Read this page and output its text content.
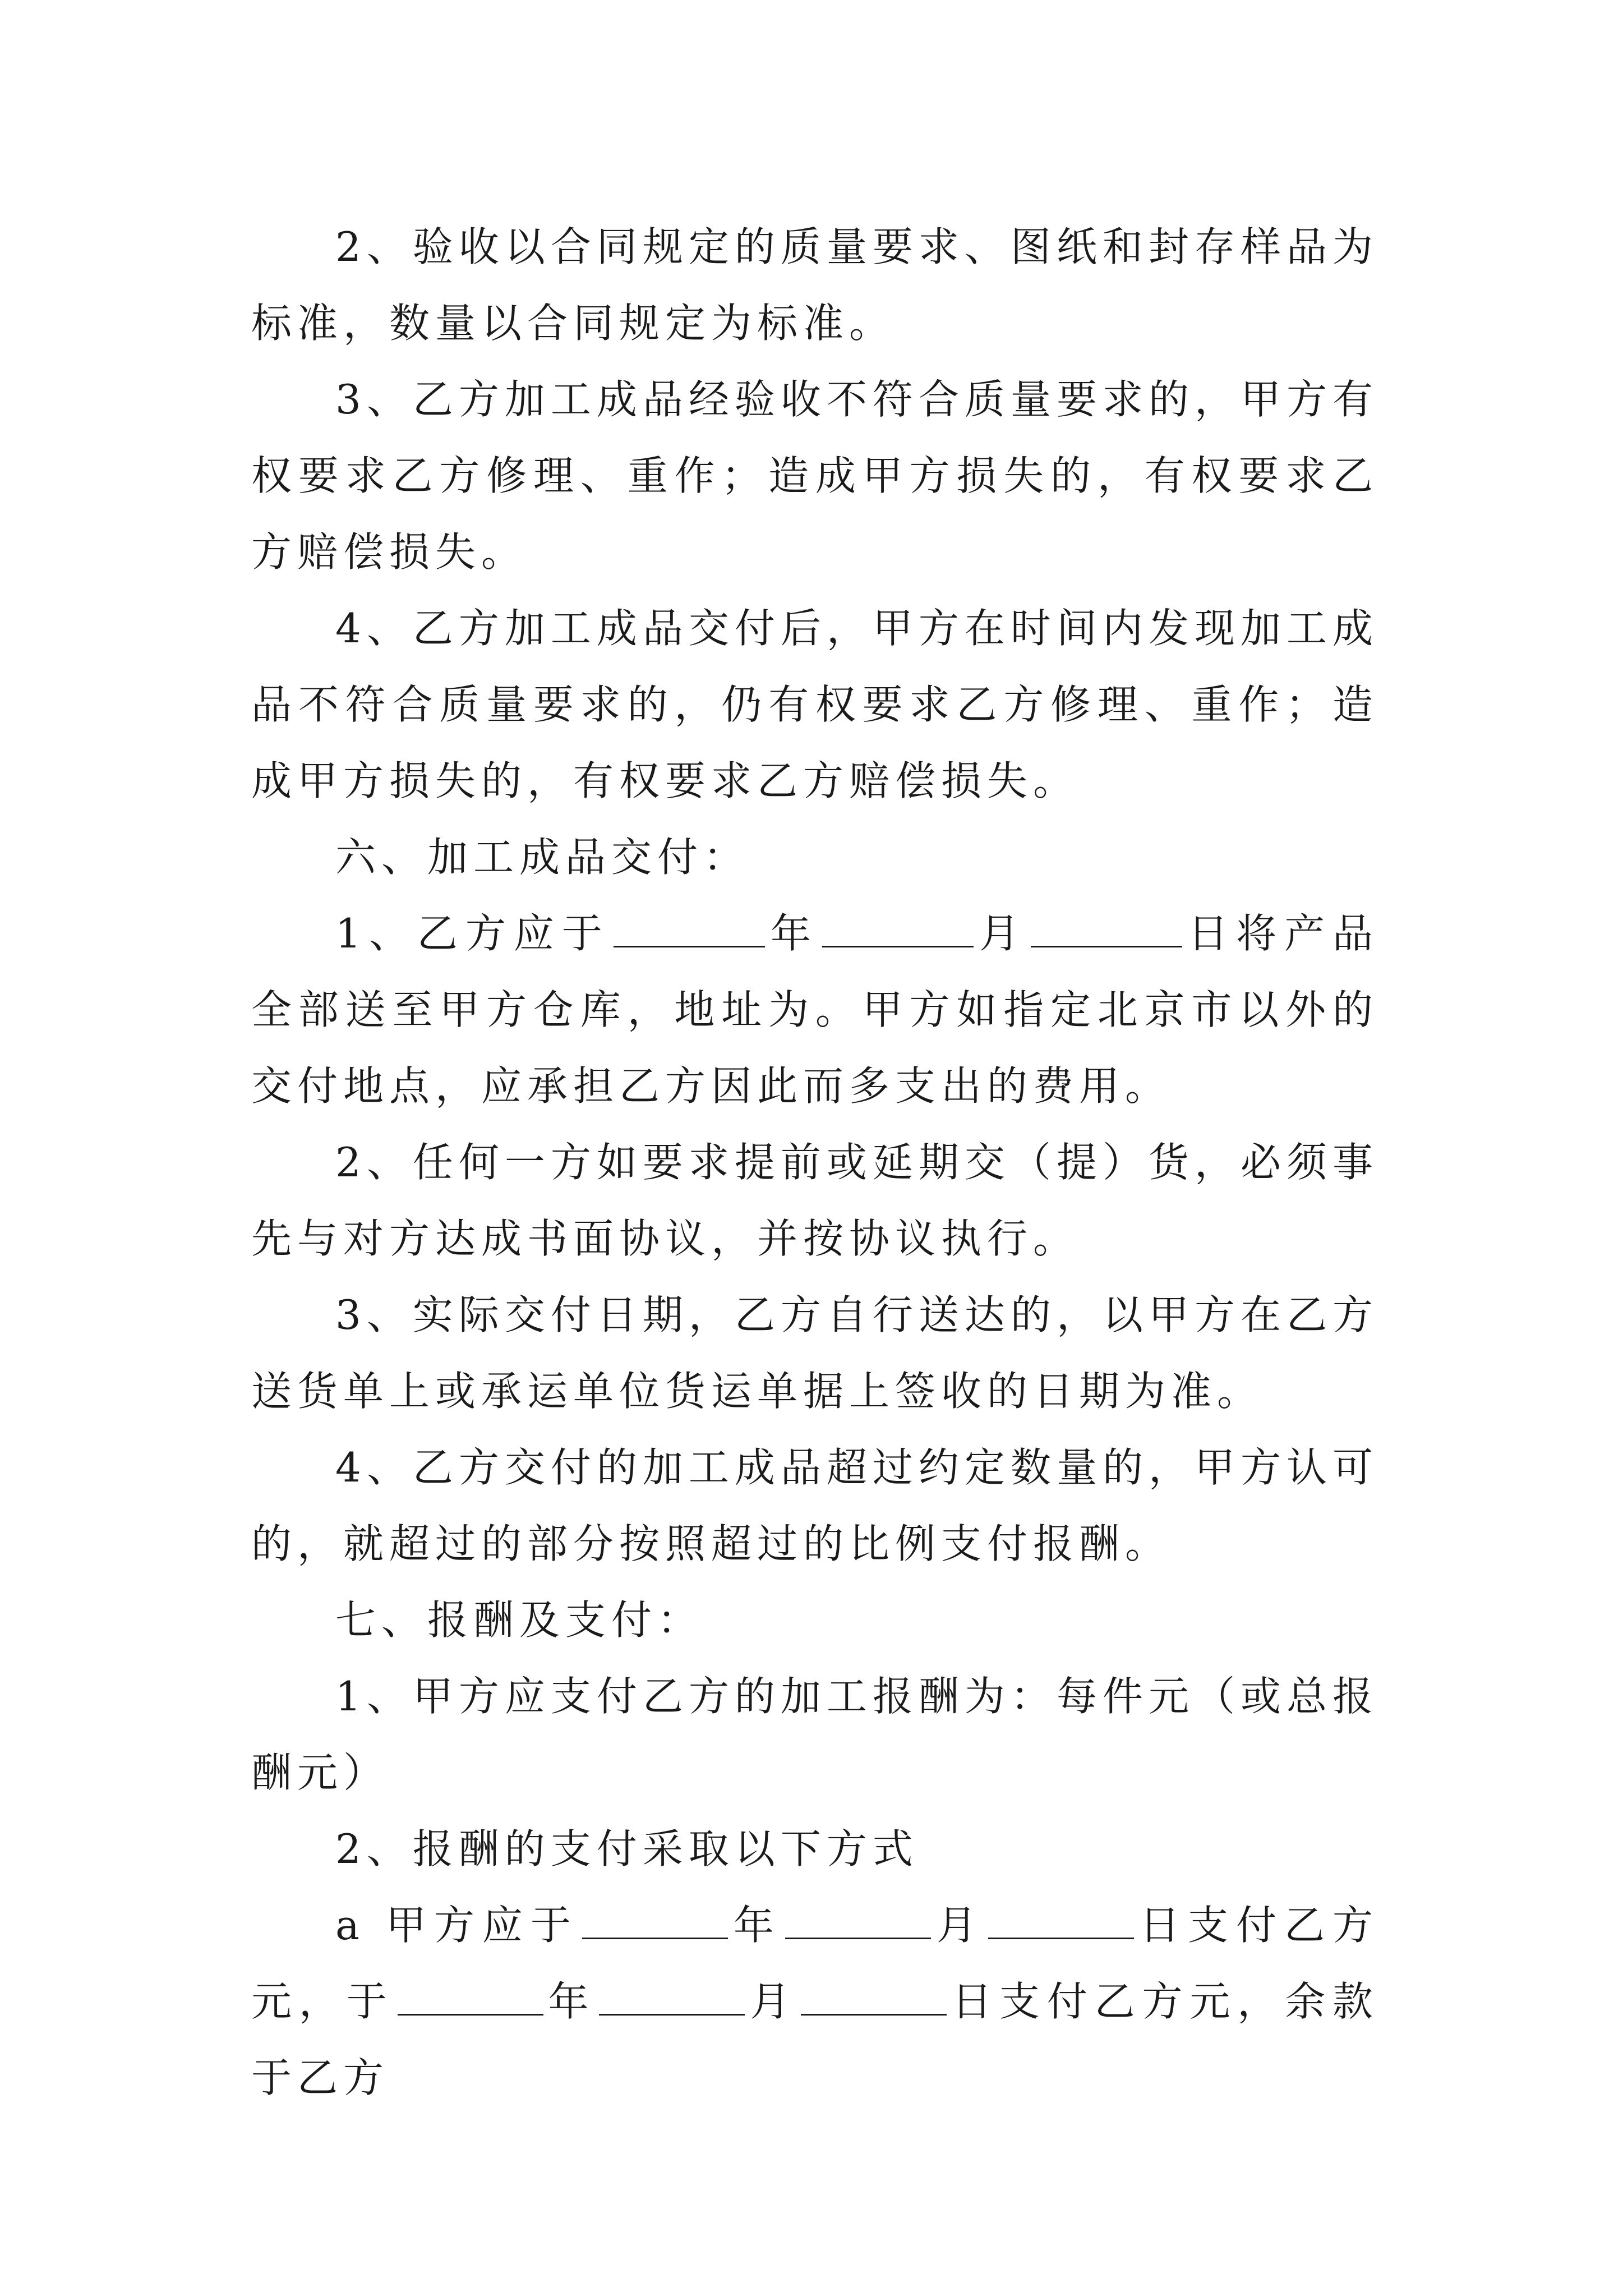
2、验收以合同规定的质量要求、图纸和封存样品为标准，数量以合同规定为标准。

3、乙方加工成品经验收不符合质量要求的，甲方有权要求乙方修理、重作；造成甲方损失的，有权要求乙方赔偿损失。

4、乙方加工成品交付后，甲方在时间内发现加工成品不符合质量要求的，仍有权要求乙方修理、重作；造成甲方损失的，有权要求乙方赔偿损失。

六、加工成品交付：

1、乙方应于	年	月	日将产品全部送至甲方仓库，地址为。甲方如指定北京市以外的交付地点，应承担乙方因此而多支出的费用。

2、任何一方如要求提前或延期交（提）货，必须事先与对方达成书面协议，并按协议执行。

3、实际交付日期，乙方自行送达的，以甲方在乙方送货单上或承运单位货运单据上签收的日期为准。

4、乙方交付的加工成品超过约定数量的，甲方认可的，就超过的部分按照超过的比例支付报酬。

七、报酬及支付：

1、甲方应支付乙方的加工报酬为：每件元（或总报酬元）

2、报酬的支付采取以下方式

a 甲方应于	年	月	日支付乙方元，于	年	月	日支付乙方元，余款于乙方
